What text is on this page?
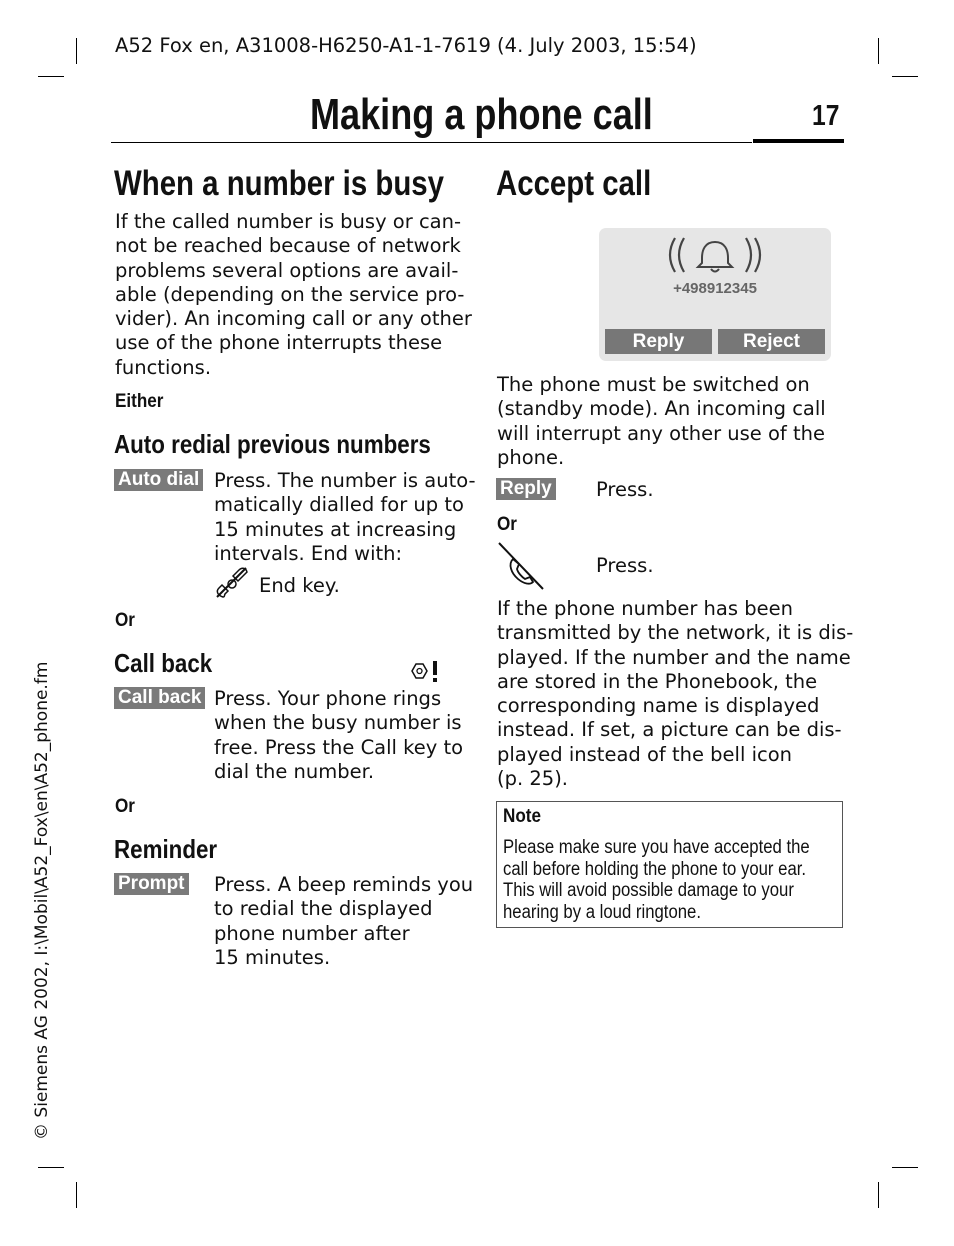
A52 Fox en, A31008-H6250-A1-1-7619 (4. July 2003, 15:54)
Making a phone call	17
© Siemens AG 2002, I:\Mobil\A52_Fox\en\A52_phone.fm
When a number is busy

If the called number is busy or can-

not be reached because of network

problems several options are avail-

able (depending on the service pro-

vider). An incoming call or any other

use of the phone interrupts these

functions.

Either
Auto redial previous numbers
Auto dial Press. The number is auto-

matically dialled for up to

15 minutes at increasing

intervals. End with:

End key.

Or
Call back
Call back Press. Your phone rings

when the busy number is

free. Press the Call key to

dial the number.

Or
Reminder
Prompt Press. A beep reminds you

to redial the displayed

phone number after

15 minutes.

Accept call
+498912345
Reply	Reject

The phone must be switched on

(standby mode). An incoming call

will interrupt any other use of the

phone.

Reply Press.

Or

Press.

If the phone number has been

transmitted by the network, it is dis-

played. If the number and the name

are stored in the Phonebook, the

corresponding name is displayed

instead. If set, a picture can be dis-

played instead of the bell icon

(p. 25).

Note

Please make sure you have accepted the

call before holding the phone to your ear.

This will avoid possible damage to your

hearing by a loud ringtone.
